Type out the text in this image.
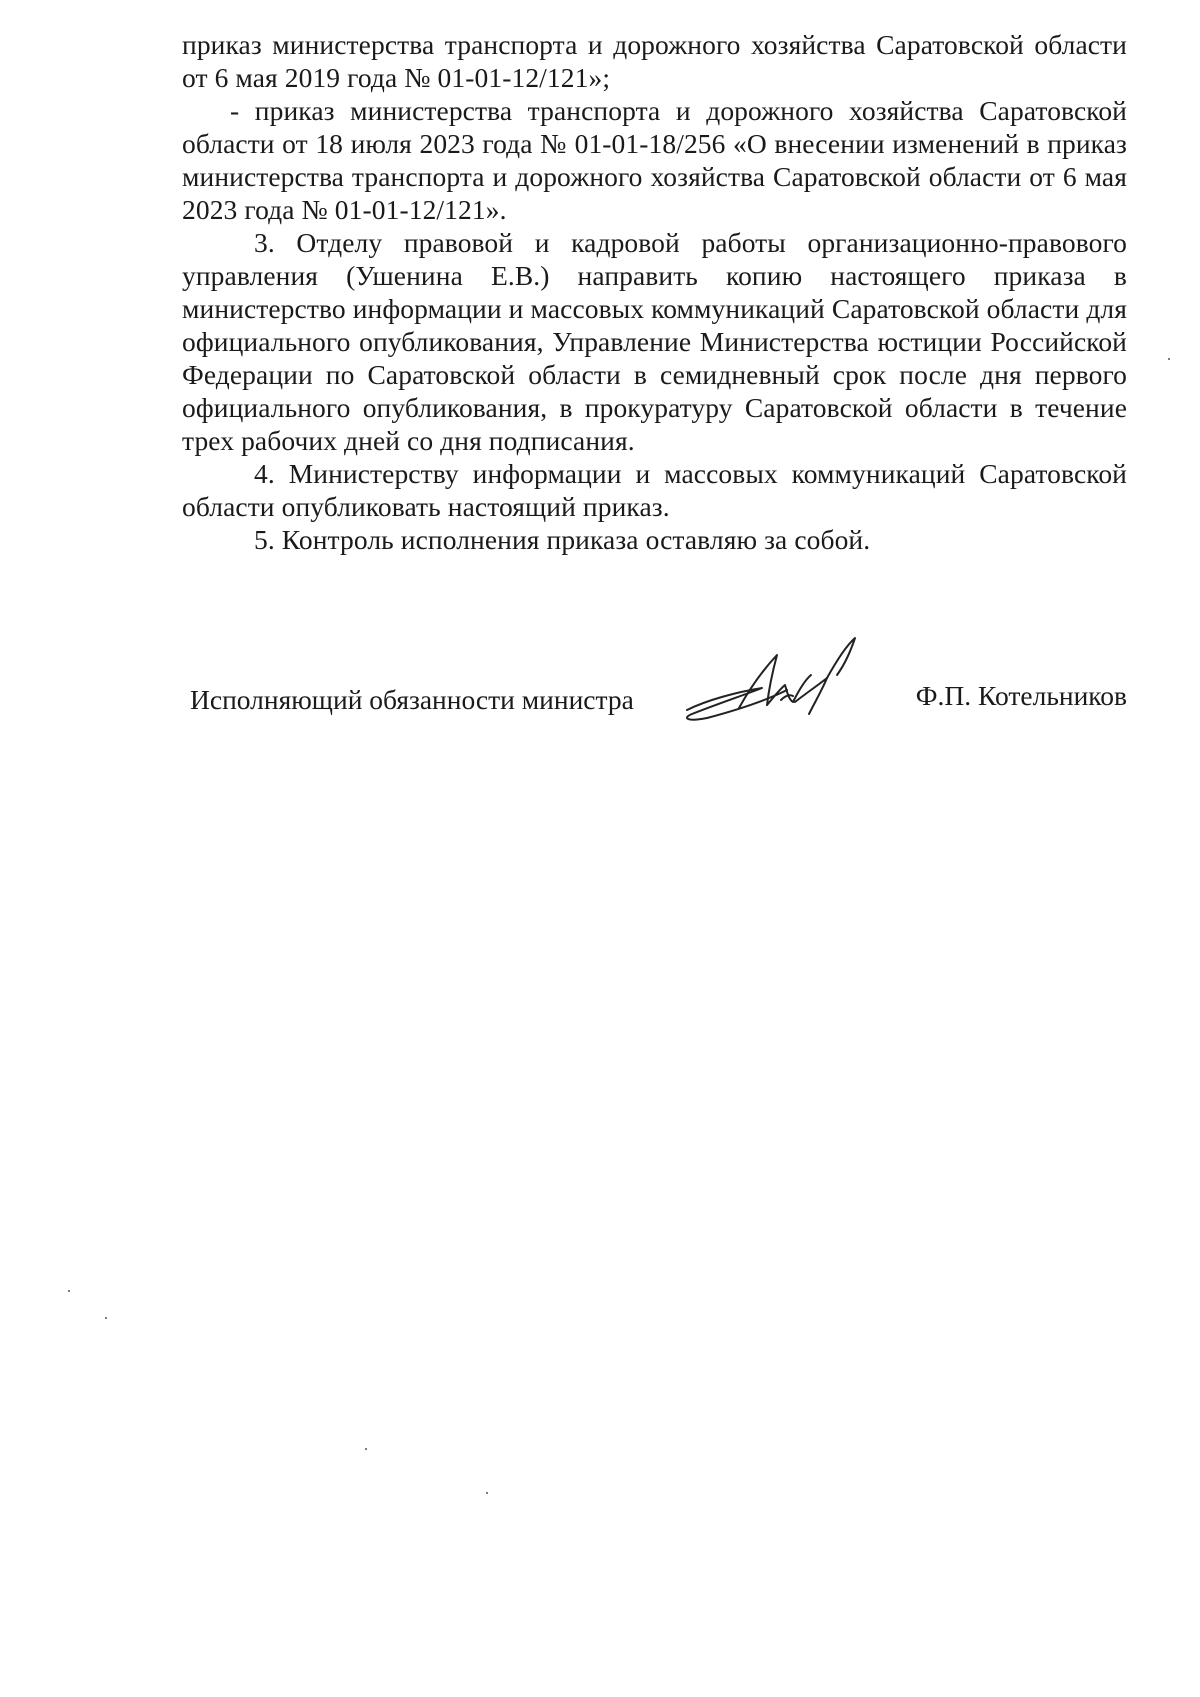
приказ министерства транспорта и дорожного хозяйства Саратовской области от 6 мая 2019 года № 01-01-12/121»;

- приказ министерства транспорта и дорожного хозяйства Саратовской области от 18 июля 2023 года № 01-01-18/256 «О внесении изменений в приказ министерства транспорта и дорожного хозяйства Саратовской области от 6 мая 2023 года № 01-01-12/121».

3. Отделу правовой и кадровой работы организационно-правового управления (Ушенина Е.В.) направить копию настоящего приказа в министерство информации и массовых коммуникаций Саратовской области для официального опубликования, Управление Министерства юстиции Российской Федерации по Саратовской области в семидневный срок после дня первого официального опубликования, в прокуратуру Саратовской области в течение трех рабочих дней со дня подписания.

4. Министерству информации и массовых коммуникаций Саратовской области опубликовать настоящий приказ.

5. Контроль исполнения приказа оставляю за собой.

Исполняющий обязанности министра	Ф.П. Котельников
